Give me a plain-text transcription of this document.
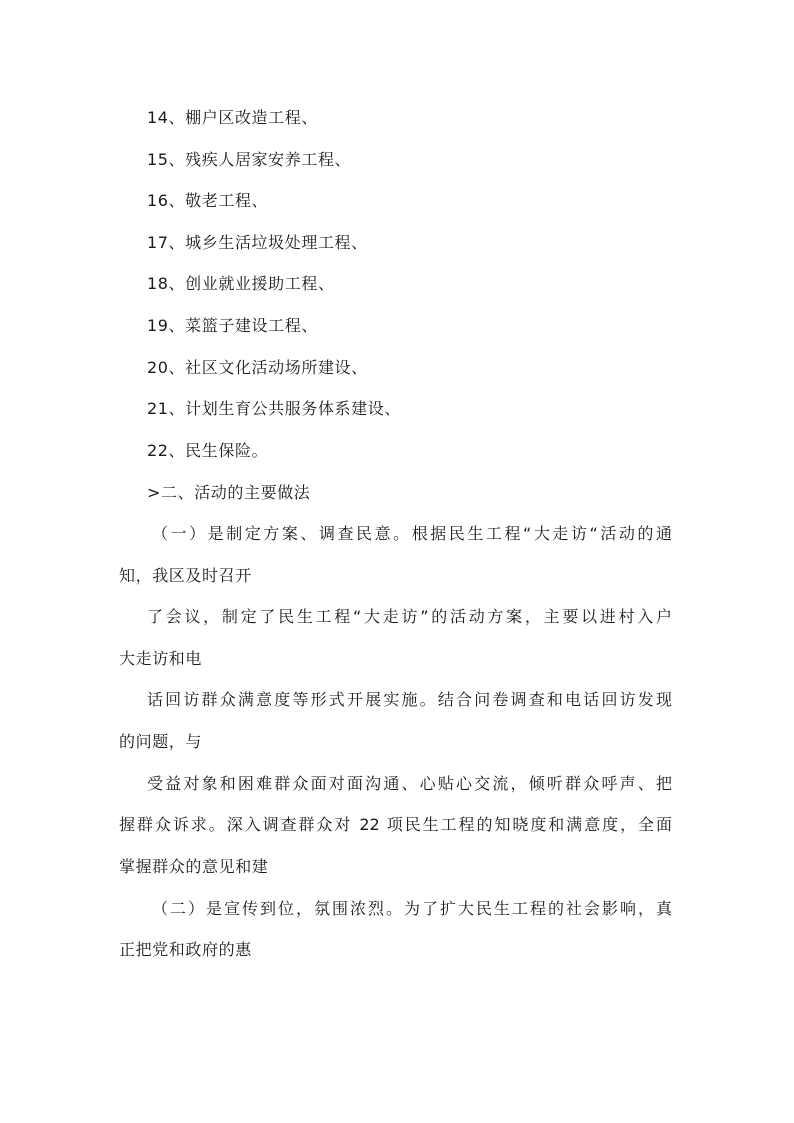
14、棚户区改造工程、
15、残疾人居家安养工程、
16、敬老工程、
17、城乡生活垃圾处理工程、
18、创业就业援助工程、
19、菜篮子建设工程、
20、社区文化活动场所建设、
21、计划生育公共服务体系建设、
22、民生保险。
>二、活动的主要做法
（一）是制定方案、调查民意。根据民生工程“大走访“活动的通
知，我区及时召开
了会议，制定了民生工程“大走访”的活动方案，主要以进村入户
大走访和电
话回访群众满意度等形式开展实施。结合问卷调查和电话回访发现
的问题，与
受益对象和困难群众面对面沟通、心贴心交流，倾听群众呼声、把
握群众诉求。深入调查群众对 22 项民生工程的知晓度和满意度，全面
掌握群众的意见和建
（二）是宣传到位，氛围浓烈。为了扩大民生工程的社会影响，真
正把党和政府的惠
